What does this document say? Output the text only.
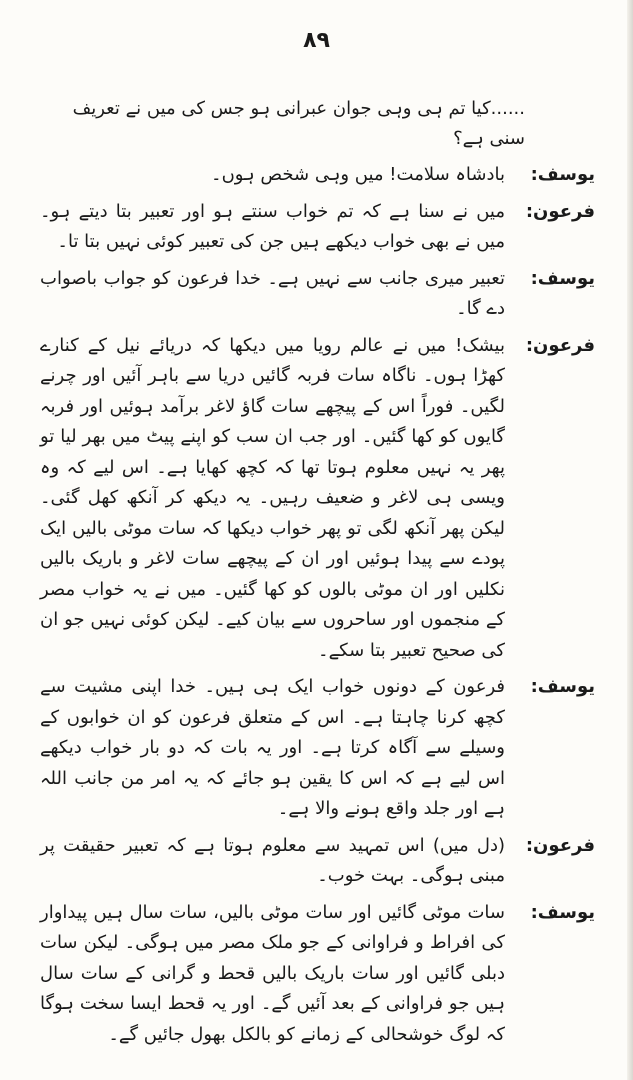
۸۹

......کیا تم ہی وہی جوان عبرانی ہو جس کی میں نے تعریف سنی ہے؟

یوسف:
بادشاہ سلامت! میں وہی شخص ہوں۔
فرعون:
میں نے سنا ہے کہ تم خواب سنتے ہو اور تعبیر بتا دیتے ہو۔ میں نے بھی خواب دیکھے ہیں جن کی تعبیر کوئی نہیں بتا تا۔
یوسف:
تعبیر میری جانب سے نہیں ہے۔ خدا فرعون کو جواب باصواب دے گا۔
فرعون:
بیشک! میں نے عالم رویا میں دیکھا کہ دریائے نیل کے کنارے کھڑا ہوں۔ ناگاہ سات فربہ گائیں دریا سے باہر آئیں اور چرنے لگیں۔ فوراً اس کے پیچھے سات گاؤ لاغر برآمد ہوئیں اور فربہ گایوں کو کھا گئیں۔ اور جب ان سب کو اپنے پیٹ میں بھر لیا تو پھر یہ نہیں معلوم ہوتا تھا کہ کچھ کھایا ہے۔ اس لیے کہ وہ ویسی ہی لاغر و ضعیف رہیں۔ یہ دیکھ کر آنکھ کھل گئی۔ لیکن پھر آنکھ لگی تو پھر خواب دیکھا کہ سات موٹی بالیں ایک پودے سے پیدا ہوئیں اور ان کے پیچھے سات لاغر و باریک بالیں نکلیں اور ان موٹی بالوں کو کھا گئیں۔ میں نے یہ خواب مصر کے منجموں اور ساحروں سے بیان کیے۔ لیکن کوئی نہیں جو ان کی صحیح تعبیر بتا سکے۔
یوسف:
فرعون کے دونوں خواب ایک ہی ہیں۔ خدا اپنی مشیت سے کچھ کرنا چاہتا ہے۔ اس کے متعلق فرعون کو ان خوابوں کے وسیلے سے آگاہ کرتا ہے۔ اور یہ بات کہ دو بار خواب دیکھے اس لیے ہے کہ اس کا یقین ہو جائے کہ یہ امر من جانب اللہ ہے اور جلد واقع ہونے والا ہے۔
فرعون:
(دل میں) اس تمہید سے معلوم ہوتا ہے کہ تعبیر حقیقت پر مبنی ہوگی۔ بہت خوب۔
یوسف:
سات موٹی گائیں اور سات موٹی بالیں، سات سال ہیں پیداوار کی افراط و فراوانی کے جو ملک مصر میں ہوگی۔ لیکن سات دبلی گائیں اور سات باریک بالیں قحط و گرانی کے سات سال ہیں جو فراوانی کے بعد آئیں گے۔ اور یہ قحط ایسا سخت ہوگا کہ لوگ خوشحالی کے زمانے کو بالکل بھول جائیں گے۔
